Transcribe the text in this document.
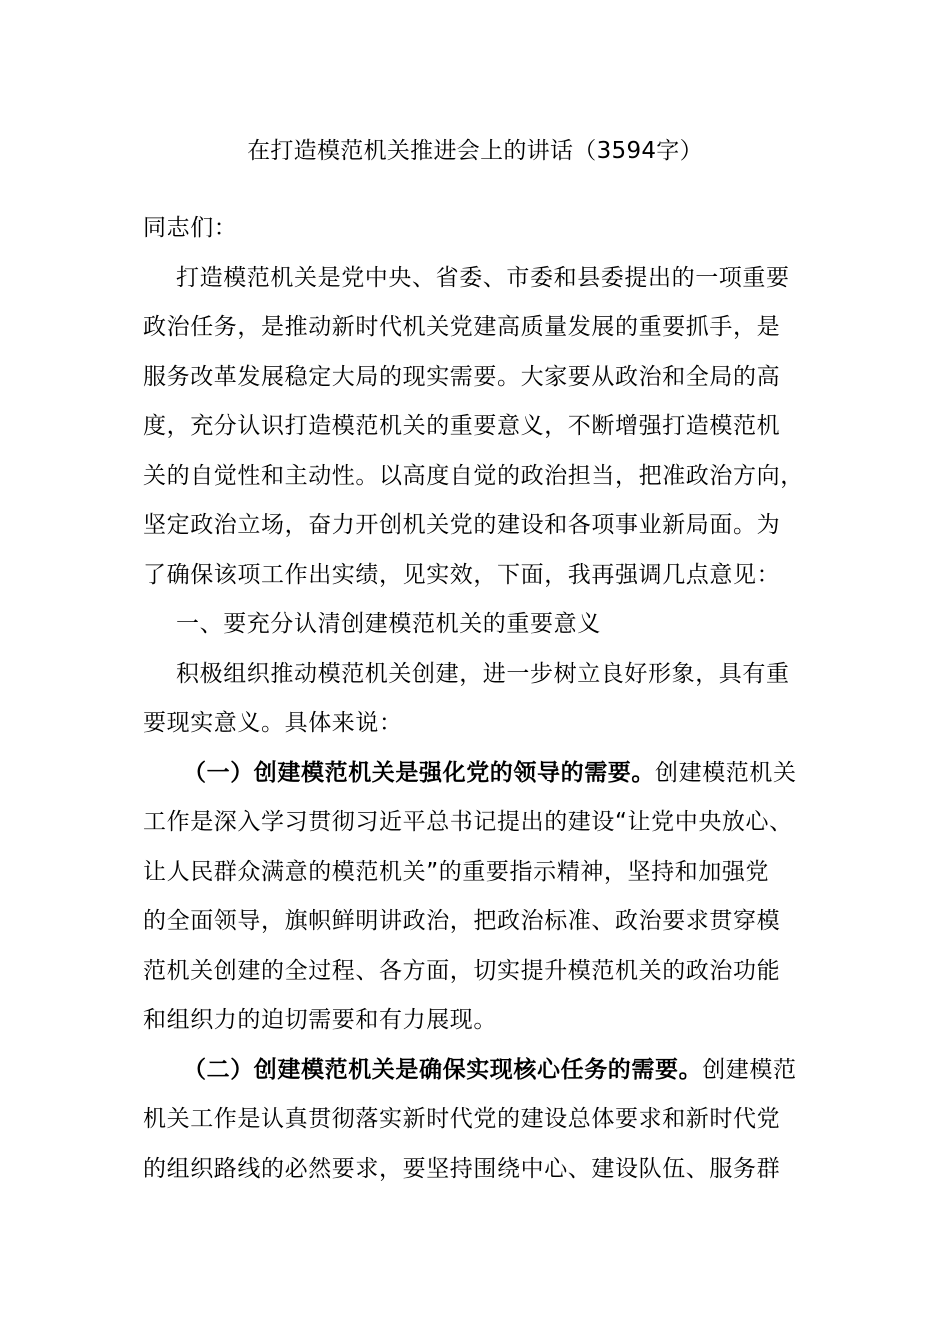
在打造模范机关推进会上的讲话（3594字）
同志们：
打造模范机关是党中央、省委、市委和县委提出的一项重要
政治任务，是推动新时代机关党建高质量发展的重要抓手，是
服务改革发展稳定大局的现实需要。大家要从政治和全局的高
度，充分认识打造模范机关的重要意义，不断增强打造模范机
关的自觉性和主动性。以高度自觉的政治担当，把准政治方向，
坚定政治立场，奋力开创机关党的建设和各项事业新局面。为
了确保该项工作出实绩，见实效，下面，我再强调几点意见：
一、要充分认清创建模范机关的重要意义
积极组织推动模范机关创建，进一步树立良好形象，具有重
要现实意义。具体来说：
（一）创建模范机关是强化党的领导的需要。创建模范机关
工作是深入学习贯彻习近平总书记提出的建设“让党中央放心、
让人民群众满意的模范机关”的重要指示精神，坚持和加强党
的全面领导，旗帜鲜明讲政治，把政治标准、政治要求贯穿模
范机关创建的全过程、各方面，切实提升模范机关的政治功能
和组织力的迫切需要和有力展现。
（二）创建模范机关是确保实现核心任务的需要。创建模范
机关工作是认真贯彻落实新时代党的建设总体要求和新时代党
的组织路线的必然要求，要坚持围绕中心、建设队伍、服务群
